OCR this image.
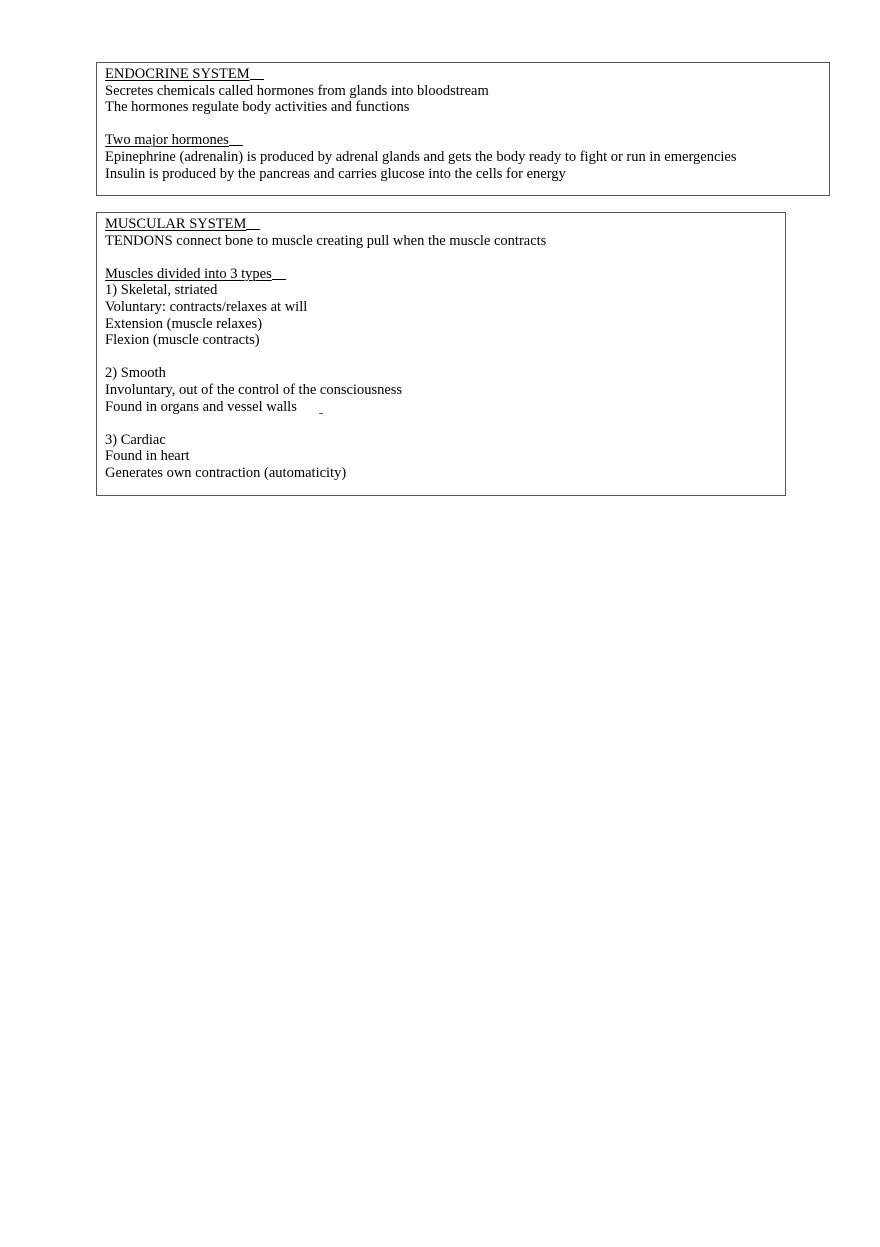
ENDOCRINE SYSTEM
Secretes chemicals called hormones from glands into bloodstream
The hormones regulate body activities and functions
Two major hormones
Epinephrine (adrenalin) is produced by adrenal glands and gets the body ready to fight or run in emergencies
Insulin is produced by the pancreas and carries glucose into the cells for energy
MUSCULAR SYSTEM
TENDONS connect bone to muscle creating pull when the muscle contracts
Muscles divided into 3 types
1) Skeletal, striated
Voluntary: contracts/relaxes at will
Extension (muscle relaxes)
Flexion (muscle contracts)
2) Smooth
Involuntary, out of the control of the consciousness
Found in organs and vessel walls
3) Cardiac
Found in heart
Generates own contraction (automaticity)
